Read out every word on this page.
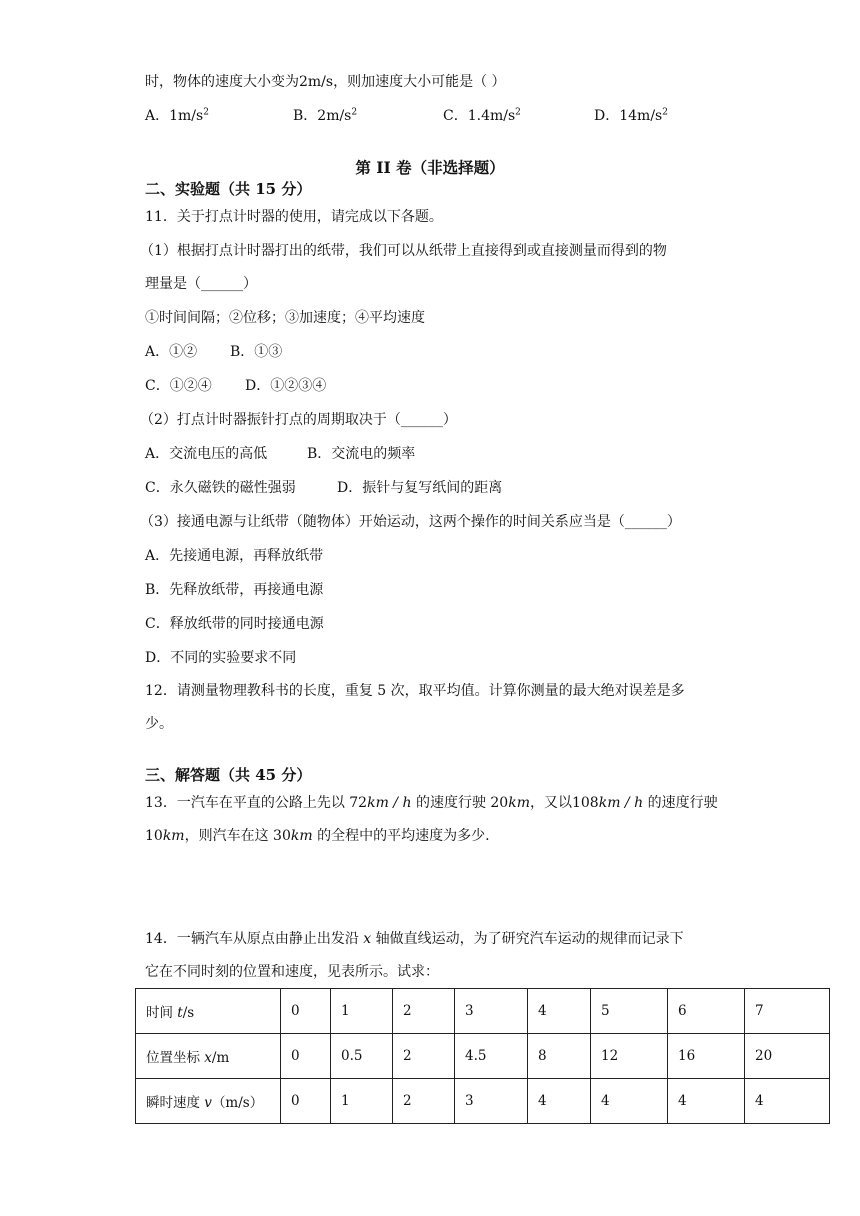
时，物体的速度大小变为2m/s，则加速度大小可能是（ ）
A．$1m/s^2$	B．$2m/s^2$	C．$1.4m/s^2$	D．$14m/s^2$
第 II 卷（非选择题）
二、实验题（共 15 分）
11．关于打点计时器的使用，请完成以下各题。
（1）根据打点计时器打出的纸带，我们可以从纸带上直接得到或直接测量而得到的物
理量是（______）
①时间间隔；②位移；③加速度；④平均速度
A．①② B．①③
C．①②④ D．①②③④
（2）打点计时器振针打点的周期取决于（______）
A．交流电压的高低	B．交流电的频率
C．永久磁铁的磁性强弱	D．振针与复写纸间的距离
（3）接通电源与让纸带（随物体）开始运动，这两个操作的时间关系应当是（______）
A．先接通电源，再释放纸带
B．先释放纸带，再接通电源
C．释放纸带的同时接通电源
D．不同的实验要求不同
12．请测量物理教科书的长度，重复 5 次，取平均值。计算你测量的最大绝对误差是多
少。
三、解答题（共 45 分）
13．一汽车在平直的公路上先以 72km / h 的速度行驶 20km，又以108km / h 的速度行驶
10km，则汽车在这 30km 的全程中的平均速度为多少.
14．一辆汽车从原点由静止出发沿 x 轴做直线运动，为了研究汽车运动的规律而记录下
它在不同时刻的位置和速度，见表所示。试求：
时间 t/s	0	1	2	3	4	5	6	7
位置坐标 x/m	0	0.5	2	4.5	8	12	16	20
瞬时速度 v（m/s）	0	1	2	3	4	4	4	4
